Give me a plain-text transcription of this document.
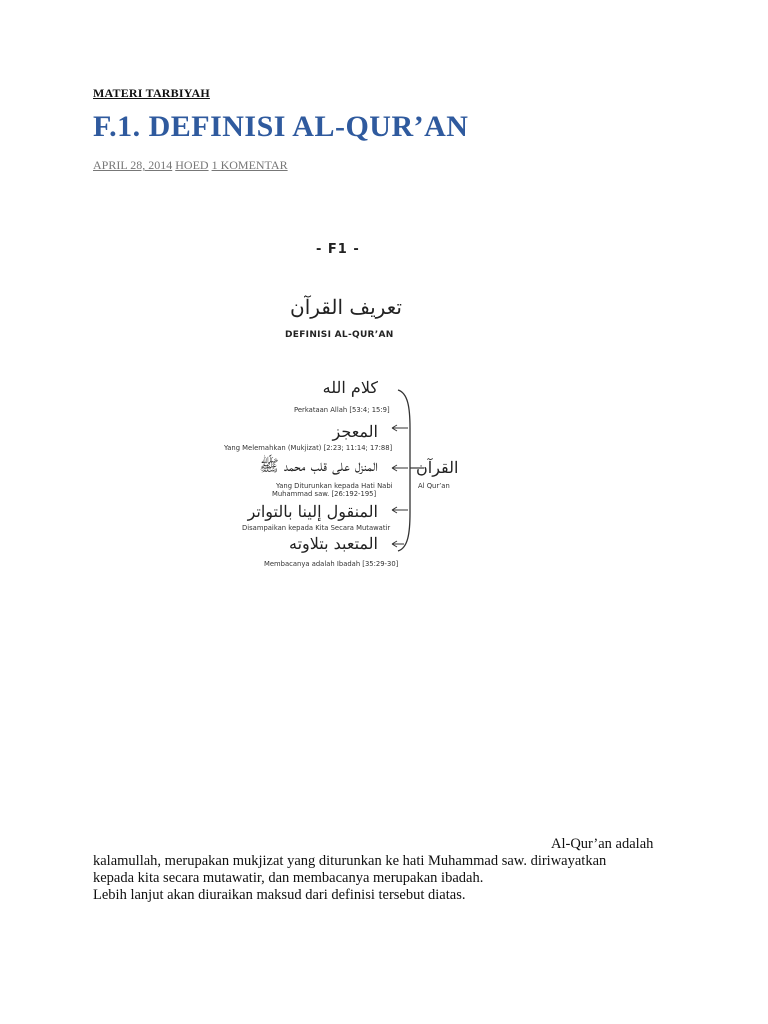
MATERI TARBIYAH
F.1. DEFINISI AL-QUR’AN
APRIL 28, 2014 HOED 1 KOMENTAR
- F1 -
تعريف القرآن
DEFINISI AL-QUR’AN
كلام الله
Perkataan Allah [53:4; 15:9]
المعجز
Yang Melemahkan (Mukjizat) [2:23; 11:14; 17:88]
المنزل على قلب محمد ﷺ
Yang Diturunkan kepada Hati Nabi
Muhammad saw. [26:192-195]
المنقول إلينا بالتواتر
Disampaikan kepada Kita Secara Mutawatir
المتعبد بتلاوته
Membacanya adalah Ibadah [35:29-30]
القرآن
Al Qur’an
Al-Qur’an adalah
kalamullah, merupakan mukjizat yang diturunkan ke hati Muhammad saw. diriwayatkan
kepada kita secara mutawatir, dan membacanya merupakan ibadah.
Lebih lanjut akan diuraikan maksud dari definisi tersebut diatas.
